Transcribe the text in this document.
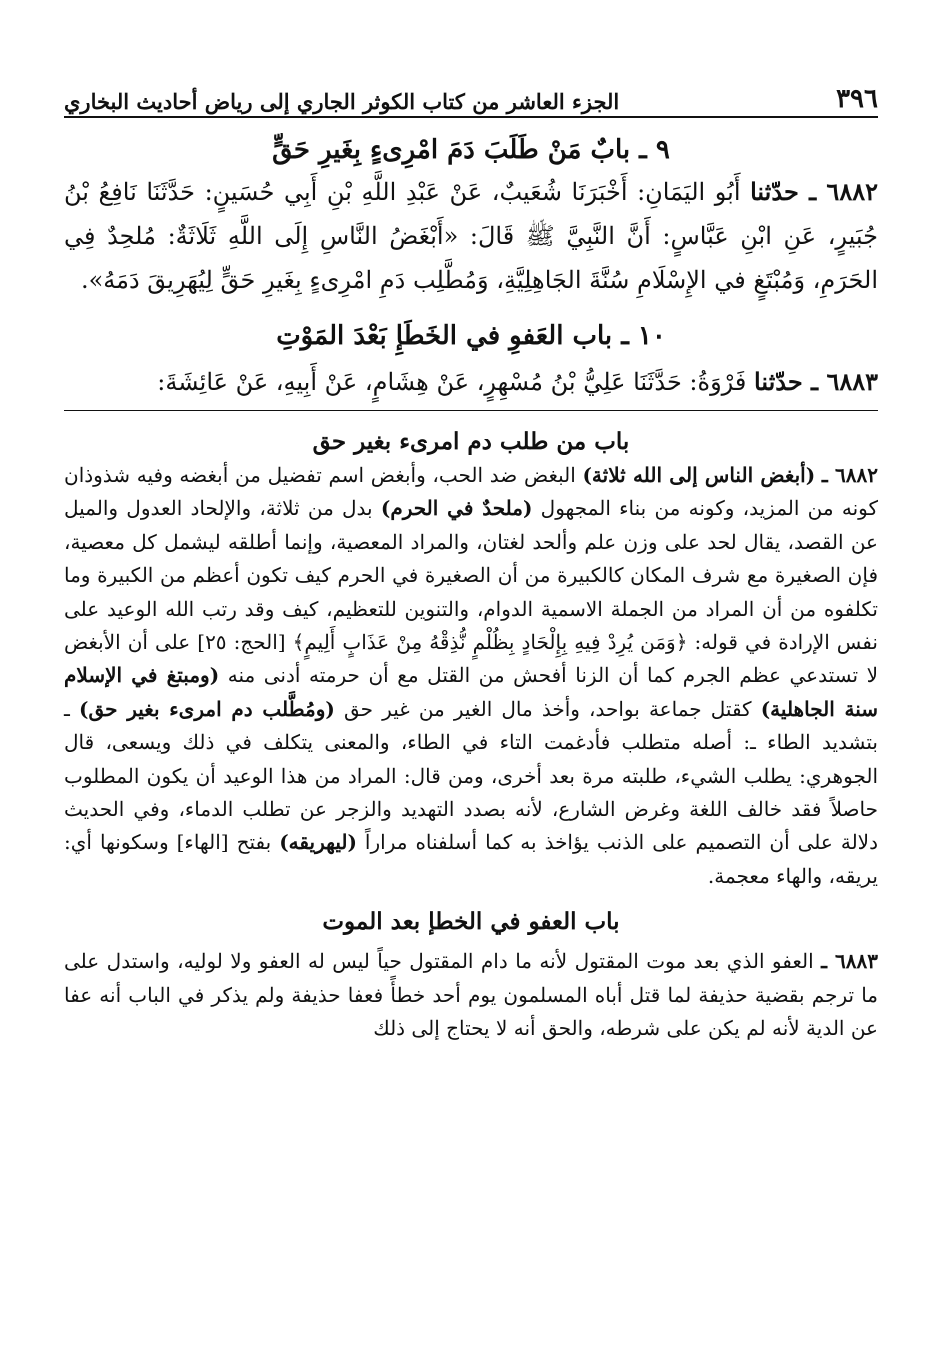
٣٩٦
الجزء العاشر من كتاب الكوثر الجاري إلى رياض أحاديث البخاري
٩ ـ بابٌ مَنْ طَلَبَ دَمَ امْرِىءٍ بِغَيرِ حَقٍّ

٦٨٨٢ ـ حدّثنا أَبُو اليَمَانِ: أَخْبَرَنَا شُعَيبٌ، عَنْ عَبْدِ اللَّهِ بْنِ أَبِي حُسَينٍ: حَدَّثَنَا نَافِعُ بْنُ جُبَيرٍ، عَنِ ابْنِ عَبَّاسٍ: أَنَّ النَّبِيَّ ﷺ قَالَ: «أَبْغَضُ النَّاسِ إِلَى اللَّهِ ثَلَاثَةٌ: مُلحِدٌ فِي الحَرَمِ، وَمُبْتَغٍ في الإِسْلَامِ سُنَّةَ الجَاهِلِيَّةِ، وَمُطَّلِب دَمِ امْرِىءٍ بِغَيرِ حَقٍّ لِيُهَرِيقَ دَمَهُ».

١٠ ـ باب العَفوِ في الخَطَإِ بَعْدَ المَوْتِ

٦٨٨٣ ـ حدّثنا فَرْوَةُ: حَدَّثَنَا عَلِيُّ بْنُ مُسْهِرٍ، عَنْ هِشَامٍ، عَنْ أَبِيهِ، عَنْ عَائِشَةَ:

باب من طلب دم امرىء بغير حق

٦٨٨٢ ـ (أبغض الناس إلى الله ثلاثة) البغض ضد الحب، وأبغض اسم تفضيل من أبغضه وفيه شذوذان كونه من المزيد، وكونه من بناء المجهول (ملحدٌ في الحرم) بدل من ثلاثة، والإلحاد العدول والميل عن القصد، يقال لحد على وزن علم وألحد لغتان، والمراد المعصية، وإنما أطلقه ليشمل كل معصية، فإن الصغيرة مع شرف المكان كالكبيرة من أن الصغيرة في الحرم كيف تكون أعظم من الكبيرة وما تكلفوه من أن المراد من الجملة الاسمية الدوام، والتنوين للتعظيم، كيف وقد رتب الله الوعيد على نفس الإرادة في قوله: ﴿وَمَن يُرِدْ فِيهِ بِإِلْحَادٍ بِظُلْمٍ نُّذِقْهُ مِنْ عَذَابٍ أَلِيمٍ﴾ [الحج: ٢٥] على أن الأبغض لا تستدعي عظم الجرم كما أن الزنا أفحش من القتل مع أن حرمته أدنى منه (ومبتغ في الإسلام سنة الجاهلية) كقتل جماعة بواحد، وأخذ مال الغير من غير حق (ومُطَّلب دم امرىء بغير حق) ـ بتشديد الطاء ـ: أصله متطلب فأدغمت التاء في الطاء، والمعنى يتكلف في ذلك ويسعى، قال الجوهري: يطلب الشيء، طلبته مرة بعد أخرى، ومن قال: المراد من هذا الوعيد أن يكون المطلوب حاصلاً فقد خالف اللغة وغرض الشارع، لأنه بصدد التهديد والزجر عن تطلب الدماء، وفي الحديث دلالة على أن التصميم على الذنب يؤاخذ به كما أسلفناه مراراً (ليهريقه) بفتح [الهاء] وسكونها أي: يريقه، والهاء معجمة.

باب العفو في الخطإ بعد الموت

٦٨٨٣ ـ العفو الذي بعد موت المقتول لأنه ما دام المقتول حياً ليس له العفو ولا لوليه، واستدل على ما ترجم بقضية حذيفة لما قتل أباه المسلمون يوم أحد خطأً فعفا حذيفة ولم يذكر في الباب أنه عفا عن الدية لأنه لم يكن على شرطه، والحق أنه لا يحتاج إلى ذلك
